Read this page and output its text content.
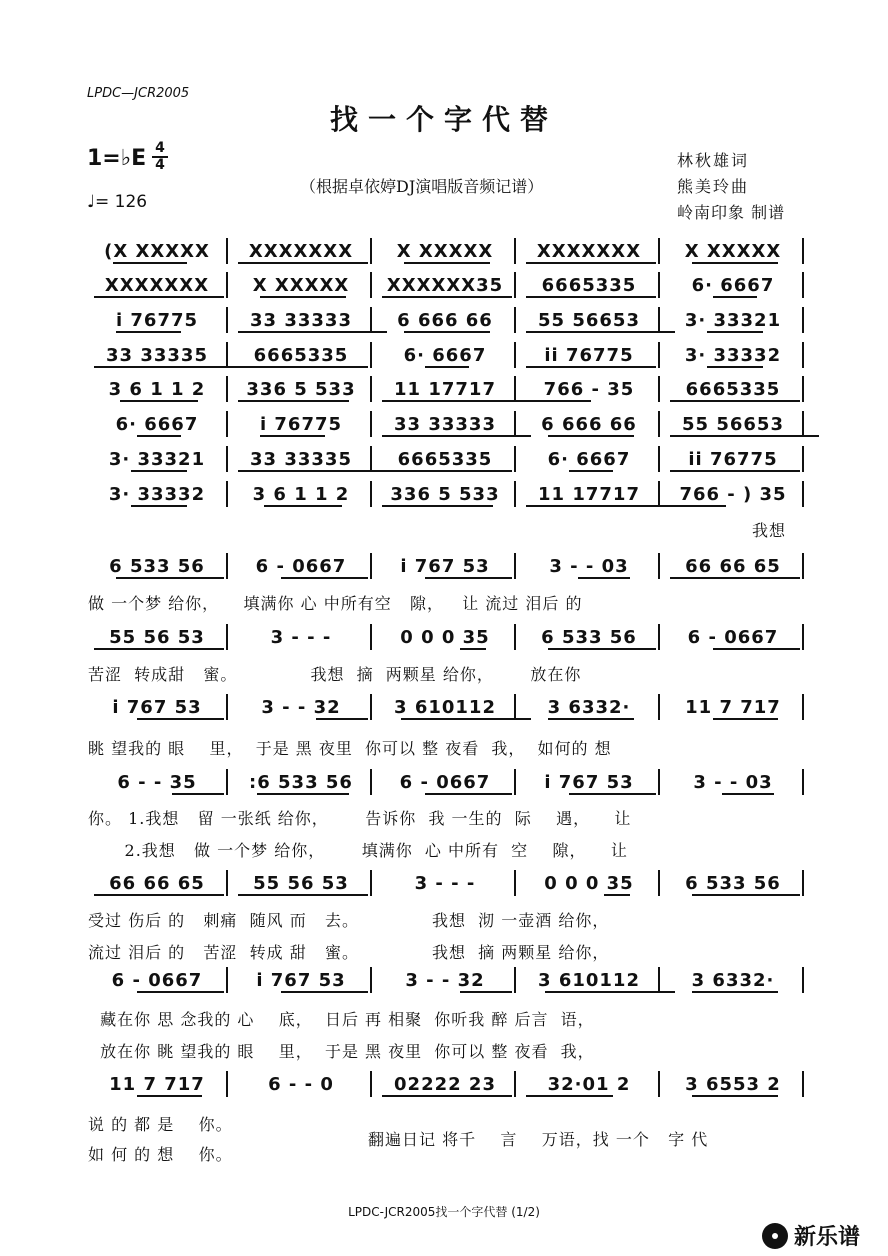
LPDC—JCR2005
找一个字代替
1=♭E 4
4
（根据卓依婷DJ演唱版音频记谱）
♩= 126
林秋雄词
熊美玲曲
岭南印象 制谱
(X XXXXX	XXXXXXX	X XXXXX	XXXXXXX	X XXXXX
XXXXXXX	X XXXXX	XXXXXX35	6665335	6· 6667
i 76775	33 33333	6 666 66	55 56653	3· 33321
33 33335	6665335	6· 6667	ii 76775	3· 33332
3 6 1 1 2	336 5 533	11 17717	766 - 35	6665335
6· 6667	i 76775	33 33333	6 666 66	55 56653
3· 33321	33 33335	6665335	6· 6667	ii 76775
3· 33332	3 6 1 1 2	336 5 533	11 17717	766 - ) 35
6 533 56	6 - 0667	i 767 53	3 - - 03	66 66 65
55 56 53	3 - - -	0 0 0 35	6 533 56	6 - 0667
i 767 53	3 - - 32	3 610112	3 6332·	11 7 717
6 - - 35	:6 533 56	6 - 0667	i 767 53	3 - - 03
66 66 65	55 56 53	3 - - -	0 0 0 35	6 533 56
6 - 0667	i 767 53	3 - - 32	3 610112	3 6332·
11 7 717	6 - - 0	02222 23	32·01 2	3 6553 2
我想
做 一个梦 给你，    填满你 心 中所有空   隙，   让 流过 泪后 的
苦涩  转成甜   蜜。            我想  摘  两颗星 给你，      放在你
眺 望我的 眼    里，  于是 黑 夜里  你可以 整 夜看  我，  如何的 想
你。 1.我想   留 一张纸 给你，      告诉你  我 一生的  际    遇，    让
2.我想   做 一个梦 给你，      填满你  心 中所有  空    隙，    让
受过 伤后 的   刺痛  随风 而   去。            我想  沏 一壶酒 给你，
流过 泪后 的   苦涩  转成 甜   蜜。            我想  摘 两颗星 给你，
藏在你 思 念我的 心    底，  日后 再 相聚  你听我 醉 后言  语，
放在你 眺 望我的 眼    里，  于是 黑 夜里  你可以 整 夜看  我，
说 的 都 是    你。
如 何 的 想    你。
翻遍日记 将千    言    万语，找 一个   字 代
LPDC-JCR2005找一个字代替 (1/2)
新乐谱
